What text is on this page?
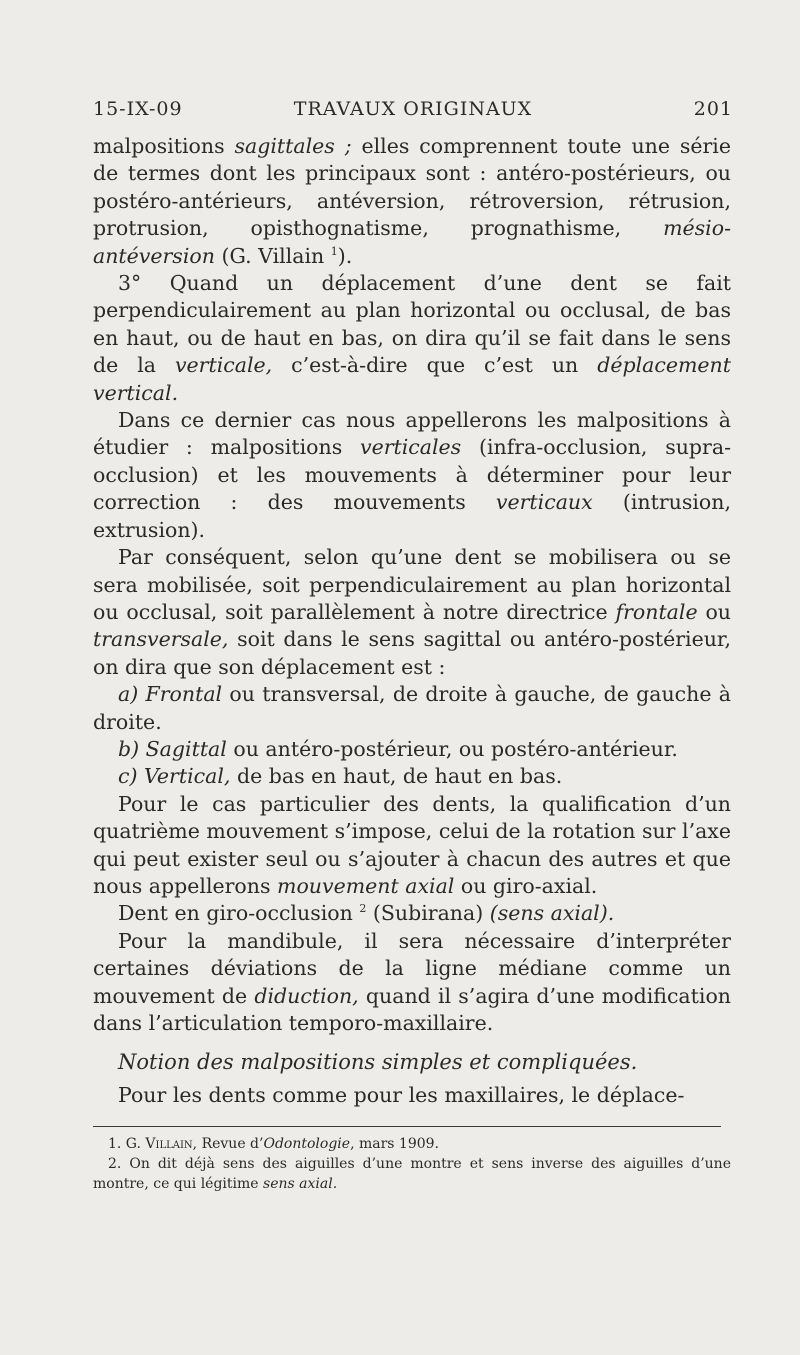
15-IX-09	TRAVAUX ORIGINAUX	201

malpositions sagittales ; elles comprennent toute une série de termes dont les principaux sont : antéro-postérieurs, ou postéro-antérieurs, antéversion, rétroversion, rétrusion, protrusion, opisthognatisme, prognathisme, mésio-antéversion (G. Villain $^1$).

3° Quand un déplacement d’une dent se fait perpendiculairement au plan horizontal ou occlusal, de bas en haut, ou de haut en bas, on dira qu’il se fait dans le sens de la verticale, c’est-à-dire que c’est un déplacement vertical.

Dans ce dernier cas nous appellerons les malpositions à étudier : malpositions verticales (infra-occlusion, supra-occlusion) et les mouvements à déterminer pour leur correction : des mouvements verticaux (intrusion, extrusion).

Par conséquent, selon qu’une dent se mobilisera ou se sera mobilisée, soit perpendiculairement au plan horizontal ou occlusal, soit parallèlement à notre directrice frontale ou transversale, soit dans le sens sagittal ou antéro-postérieur, on dira que son déplacement est :

a) Frontal ou transversal, de droite à gauche, de gauche à droite.

b) Sagittal ou antéro-postérieur, ou postéro-antérieur.

c) Vertical, de bas en haut, de haut en bas.

Pour le cas particulier des dents, la qualification d’un quatrième mouvement s’impose, celui de la rotation sur l’axe qui peut exister seul ou s’ajouter à chacun des autres et que nous appellerons mouvement axial ou giro-axial.

Dent en giro-occlusion $^2$ (Subirana) (sens axial).

Pour la mandibule, il sera nécessaire d’interpréter certaines déviations de la ligne médiane comme un mouvement de diduction, quand il s’agira d’une modification dans l’articulation temporo-maxillaire.

Notion des malpositions simples et compliquées.

Pour les dents comme pour les maxillaires, le déplace-

1. G. Villain, Revue d’Odontologie, mars 1909.

2. On dit déjà sens des aiguilles d’une montre et sens inverse des aiguilles d’une montre, ce qui légitime sens axial.
